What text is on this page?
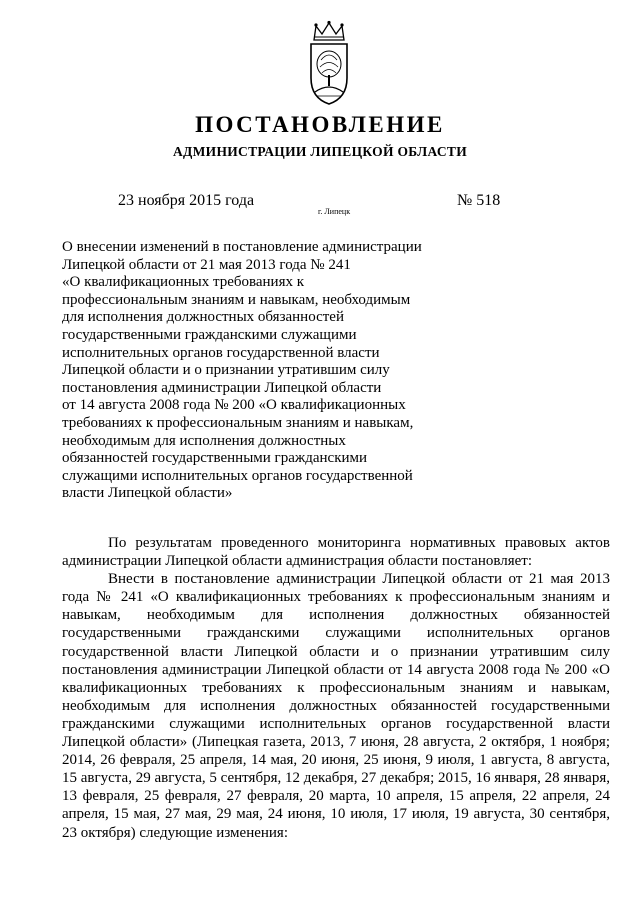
ПОСТАНОВЛЕНИЕ
АДМИНИСТРАЦИИ ЛИПЕЦКОЙ ОБЛАСТИ
23 ноября 2015 года
г. Липецк
№ 518
О внесении изменений в постановление администрации
Липецкой области от 21 мая 2013 года № 241
«О квалификационных требованиях к
профессиональным знаниям и навыкам, необходимым
для исполнения должностных обязанностей
государственными гражданскими служащими
исполнительных органов государственной власти
Липецкой области и о признании утратившим силу
постановления администрации Липецкой области
от 14 августа 2008 года № 200 «О квалификационных
требованиях к профессиональным знаниям и навыкам,
необходимым для исполнения должностных
обязанностей государственными гражданскими
служащими исполнительных органов государственной
власти Липецкой области»

По результатам проведенного мониторинга нормативных правовых актов администрации Липецкой области администрация области постановляет:

Внести в постановление администрации Липецкой области от 21 мая 2013 года № 241 «О квалификационных требованиях к профессиональным знаниям и навыкам, необходимым для исполнения должностных обязанностей государственными гражданскими служащими исполнительных органов государственной власти Липецкой области и о признании утратившим силу постановления администрации Липецкой области от 14 августа 2008 года № 200 «О квалификационных требованиях к профессиональным знаниям и навыкам, необходимым для исполнения должностных обязанностей государственными гражданскими служащими исполнительных органов государственной власти Липецкой области» (Липецкая газета, 2013, 7 июня, 28 августа, 2 октября, 1 ноября; 2014, 26 февраля, 25 апреля, 14 мая, 20 июня, 25 июня, 9 июля, 1 августа, 8 августа, 15 августа, 29 августа, 5 сентября, 12 декабря, 27 декабря; 2015, 16 января, 28 января, 13 февраля, 25 февраля, 27 февраля, 20 марта, 10 апреля, 15 апреля, 22 апреля, 24 апреля, 15 мая, 27 мая, 29 мая, 24 июня, 10 июля, 17 июля, 19 августа, 30 сентября, 23 октября) следующие изменения:
